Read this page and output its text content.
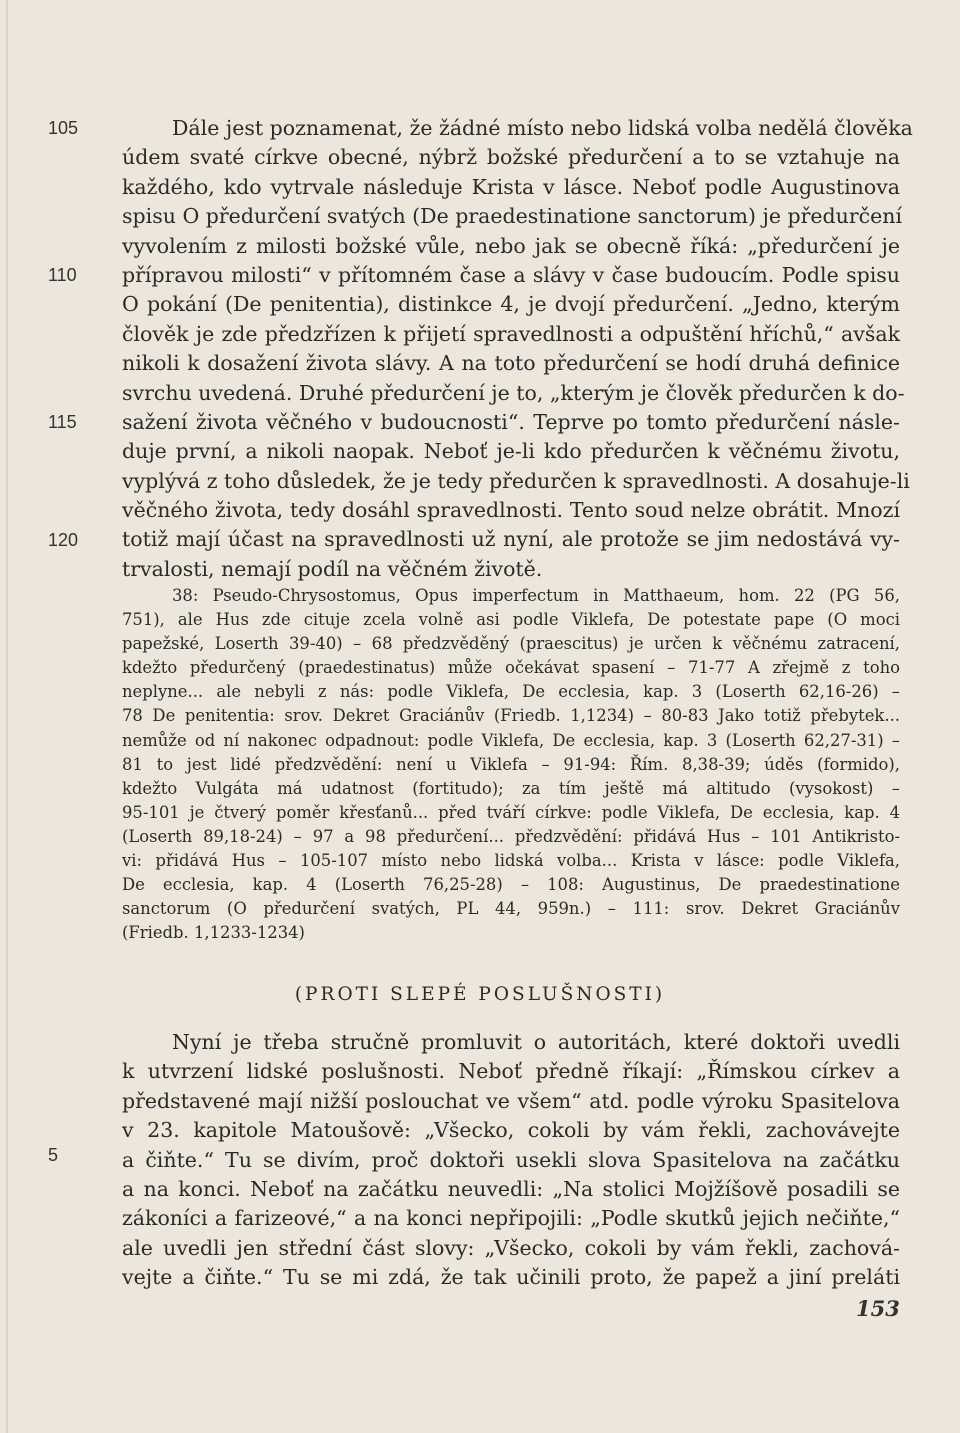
105
110
115
120
Dále jest poznamenat, že žádné místo nebo lidská volba nedělá člověka
údem svaté církve obecné, nýbrž božské předurčení a to se vztahuje na
každého, kdo vytrvale následuje Krista v lásce. Neboť podle Augustinova
spisu O předurčení svatých (De praedestinatione sanctorum) je předurčení
vyvolením z milosti božské vůle, nebo jak se obecně říká: „předurčení je
přípravou milosti“ v přítomném čase a slávy v čase budoucím. Podle spisu
O pokání (De penitentia), distinkce 4, je dvojí předurčení. „Jedno, kterým
člověk je zde předzřízen k přijetí spravedlnosti a odpuštění hříchů,“ avšak
nikoli k dosažení života slávy. A na toto předurčení se hodí druhá definice
svrchu uvedená. Druhé předurčení je to, „kterým je člověk předurčen k do-
sažení života věčného v budoucnosti“. Teprve po tomto předurčení násle-
duje první, a nikoli naopak. Neboť je-li kdo předurčen k věčnému životu,
vyplývá z toho důsledek, že je tedy předurčen k spravedlnosti. A dosahuje-li
věčného života, tedy dosáhl spravedlnosti. Tento soud nelze obrátit. Mnozí
totiž mají účast na spravedlnosti už nyní, ale protože se jim nedostává vy-
trvalosti, nemají podíl na věčném životě.
38: Pseudo-Chrysostomus, Opus imperfectum in Matthaeum, hom. 22 (PG 56,
751), ale Hus zde cituje zcela volně asi podle Viklefa, De potestate pape (O moci
papežské, Loserth 39-40) – 68 předzvěděný (praescitus) je určen k věčnému zatracení,
kdežto předurčený (praedestinatus) může očekávat spasení – 71-77 A zřejmě z toho
neplyne... ale nebyli z nás: podle Viklefa, De ecclesia, kap. 3 (Loserth 62,16-26) –
78 De penitentia: srov. Dekret Graciánův (Friedb. 1,1234) – 80-83 Jako totiž přebytek...
nemůže od ní nakonec odpadnout: podle Viklefa, De ecclesia, kap. 3 (Loserth 62,27-31) –
81 to jest lidé předzvědění: není u Viklefa – 91-94: Řím. 8,38-39; úděs (formido),
kdežto Vulgáta má udatnost (fortitudo); za tím ještě má altitudo (vysokost) –
95-101 je čtverý poměr křesťanů... před tváří církve: podle Viklefa, De ecclesia, kap. 4
(Loserth 89,18-24) – 97 a 98 předurčení... předzvědění: přidává Hus – 101 Antikristo-
vi: přidává Hus – 105-107 místo nebo lidská volba... Krista v lásce: podle Viklefa,
De ecclesia, kap. 4 (Loserth 76,25-28) – 108: Augustinus, De praedestinatione
sanctorum (O předurčení svatých, PL 44, 959n.) – 111: srov. Dekret Graciánův
(Friedb. 1,1233-1234)
(PROTI SLEPÉ POSLUŠNOSTI)
5
Nyní je třeba stručně promluvit o autoritách, které doktoři uvedli
k utvrzení lidské poslušnosti. Neboť předně říkají: „Římskou církev a
představené mají nižší poslouchat ve všem“ atd. podle výroku Spasitelova
v 23. kapitole Matoušově: „Všecko, cokoli by vám řekli, zachovávejte
a čiňte.“ Tu se divím, proč doktoři usekli slova Spasitelova na začátku
a na konci. Neboť na začátku neuvedli: „Na stolici Mojžíšově posadili se
zákoníci a farizeové,“ a na konci nepřipojili: „Podle skutků jejich nečiňte,“
ale uvedli jen střední část slovy: „Všecko, cokoli by vám řekli, zachová-
vejte a čiňte.“ Tu se mi zdá, že tak učinili proto, že papež a jiní preláti
153
